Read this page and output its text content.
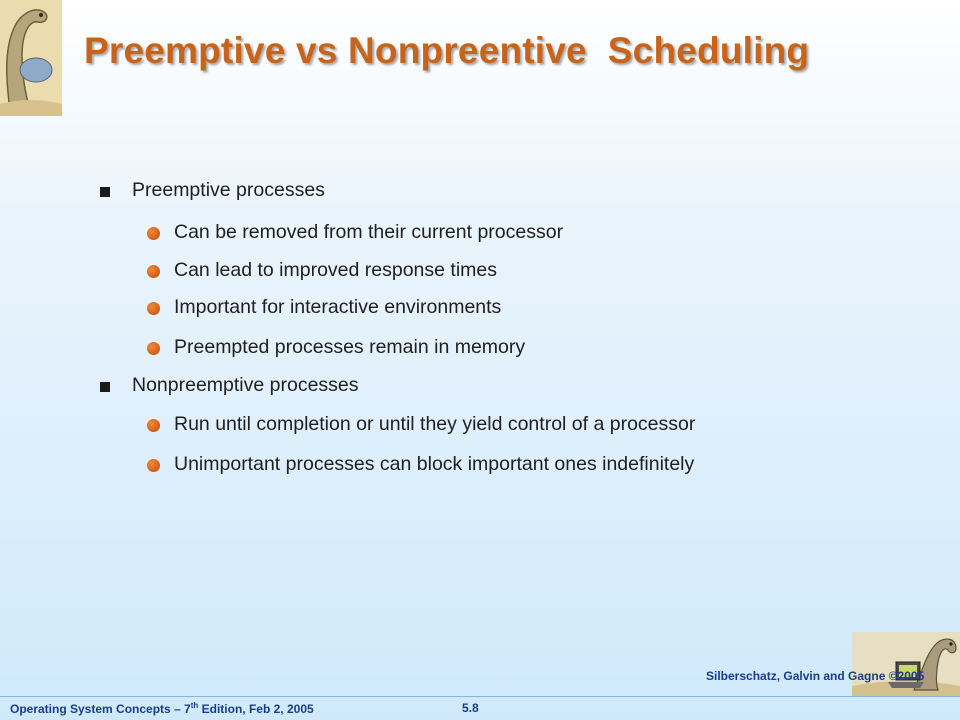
Preemptive vs Nonpreentive  Scheduling
Preemptive processes
Can be removed from their current processor
Can lead to improved response times
Important for interactive environments
Preempted processes remain in memory
Nonpreemptive processes
Run until completion or until they yield control of a processor
Unimportant processes can block important ones indefinitely
Operating System Concepts – 7th Edition, Feb 2, 2005	5.8
Silberschatz, Galvin and Gagne ©2005
